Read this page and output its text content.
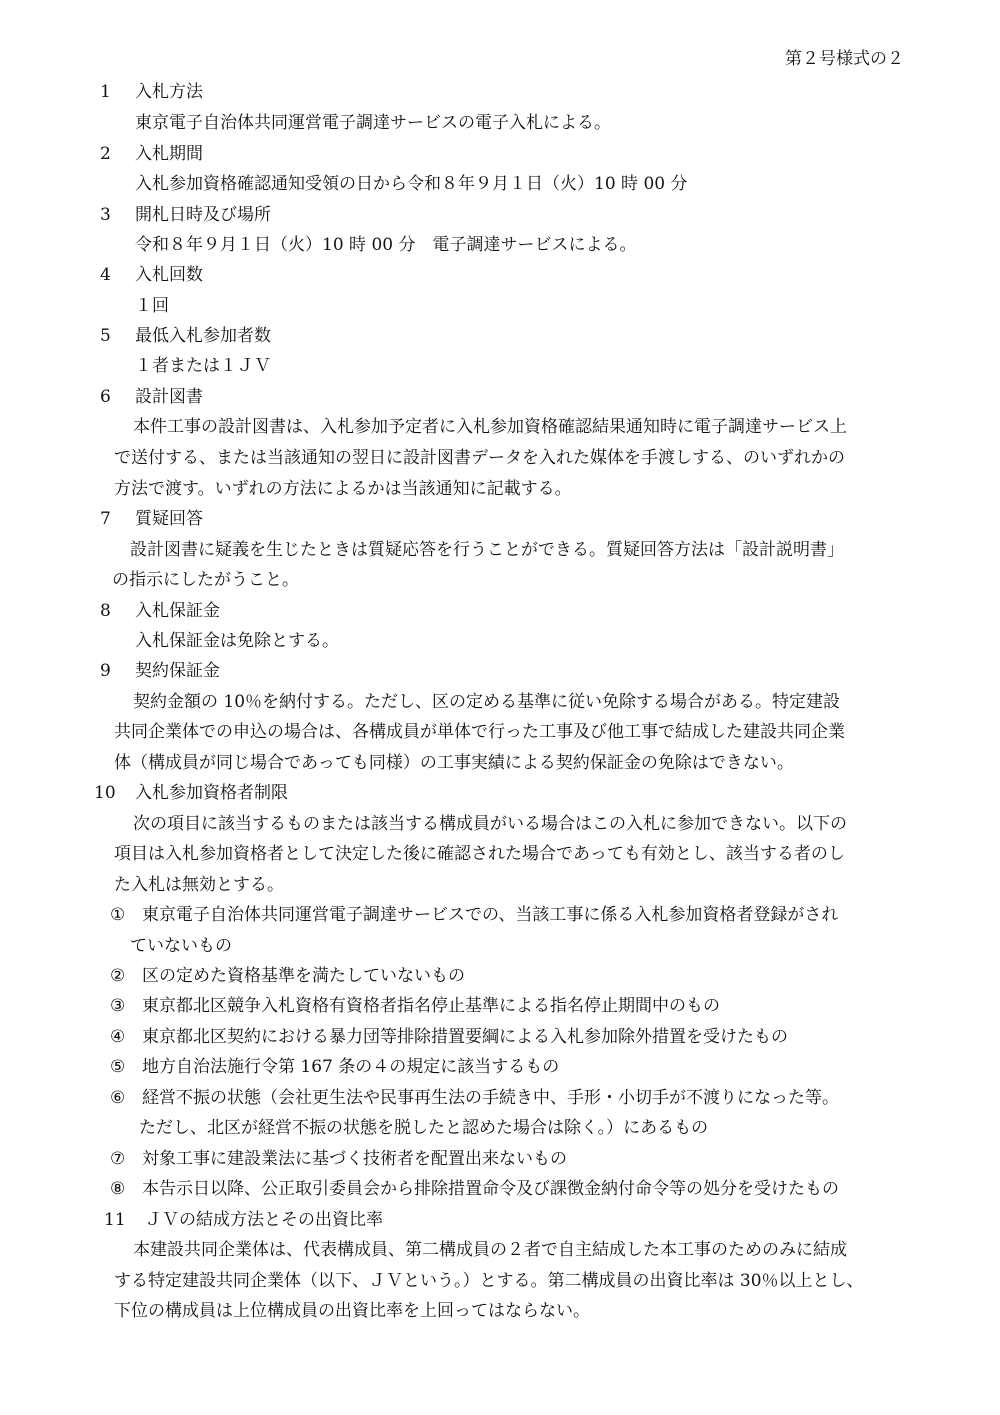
第２号様式の２
1 入札方法
東京電子自治体共同運営電子調達サービスの電子入札による。
2 入札期間
入札参加資格確認通知受領の日から令和８年９月１日（火）10 時 00 分
3 開札日時及び場所
令和８年９月１日（火）10 時 00 分　電子調達サービスによる。
4 入札回数
１回
5 最低入札参加者数
１者または１ＪＶ
6 設計図書
本件工事の設計図書は、入札参加予定者に入札参加資格確認結果通知時に電子調達サービス上
で送付する、または当該通知の翌日に設計図書データを入れた媒体を手渡しする、のいずれかの
方法で渡す。いずれの方法によるかは当該通知に記載する。
7 質疑回答
設計図書に疑義を生じたときは質疑応答を行うことができる。質疑回答方法は「設計説明書」
の指示にしたがうこと。
8 入札保証金
入札保証金は免除とする。
9 契約保証金
契約金額の 10％を納付する。ただし、区の定める基準に従い免除する場合がある。特定建設
共同企業体での申込の場合は、各構成員が単体で行った工事及び他工事で結成した建設共同企業
体（構成員が同じ場合であっても同様）の工事実績による契約保証金の免除はできない。
10 入札参加資格者制限
次の項目に該当するものまたは該当する構成員がいる場合はこの入札に参加できない。以下の
項目は入札参加資格者として決定した後に確認された場合であっても有効とし、該当する者のし
た入札は無効とする。
① 東京電子自治体共同運営電子調達サービスでの、当該工事に係る入札参加資格者登録がされ
ていないもの
② 区の定めた資格基準を満たしていないもの
③ 東京都北区競争入札資格有資格者指名停止基準による指名停止期間中のもの
④ 東京都北区契約における暴力団等排除措置要綱による入札参加除外措置を受けたもの
⑤ 地方自治法施行令第 167 条の４の規定に該当するもの
⑥ 経営不振の状態（会社更生法や民事再生法の手続き中、手形・小切手が不渡りになった等。
ただし、北区が経営不振の状態を脱したと認めた場合は除く。）にあるもの
⑦ 対象工事に建設業法に基づく技術者を配置出来ないもの
⑧ 本告示日以降、公正取引委員会から排除措置命令及び課徴金納付命令等の処分を受けたもの
11 ＪＶの結成方法とその出資比率
本建設共同企業体は、代表構成員、第二構成員の２者で自主結成した本工事のためのみに結成
する特定建設共同企業体（以下、ＪＶという。）とする。第二構成員の出資比率は 30％以上とし、
下位の構成員は上位構成員の出資比率を上回ってはならない。
